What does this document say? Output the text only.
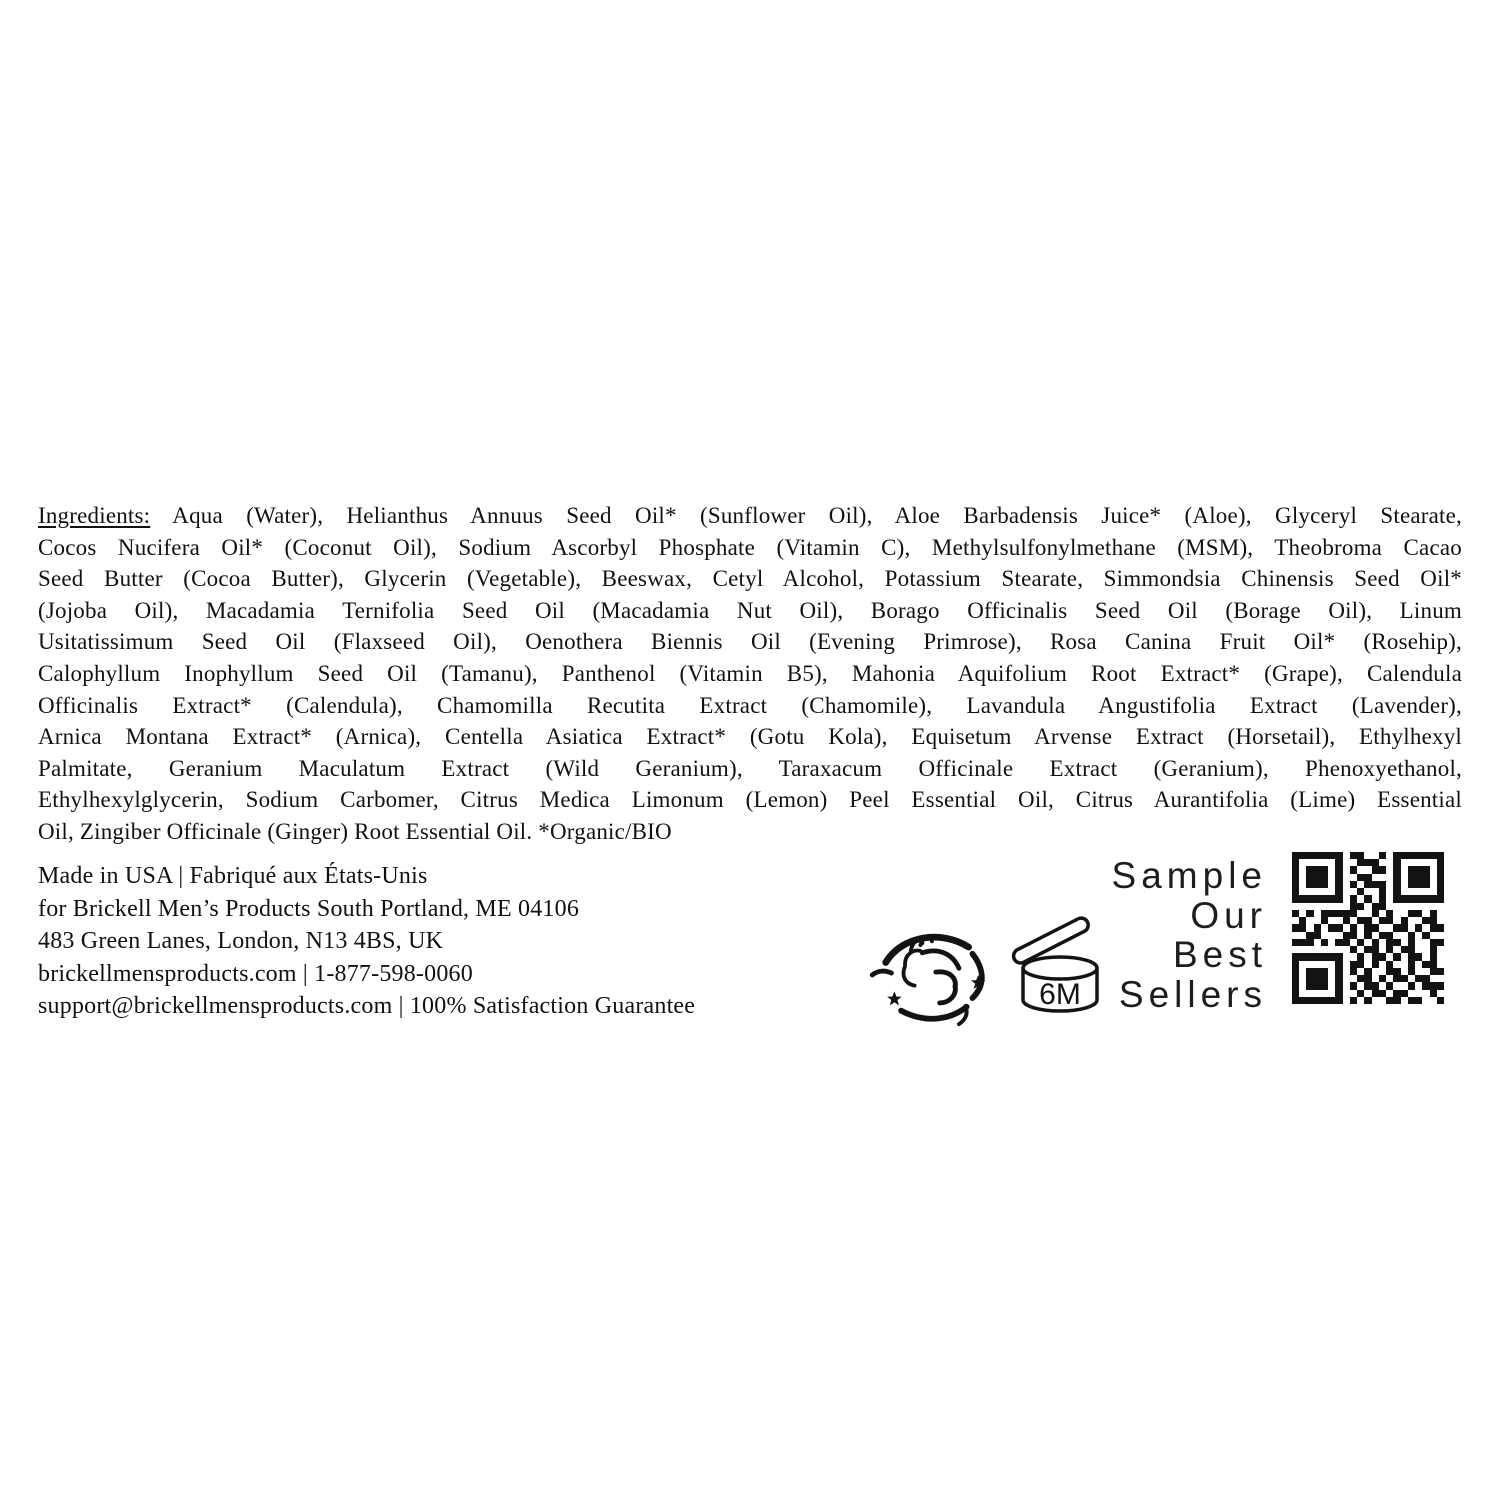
Ingredients: Aqua (Water), Helianthus Annuus Seed Oil* (Sunflower Oil), Aloe Barbadensis Juice* (Aloe), Glyceryl Stearate,
Cocos Nucifera Oil* (Coconut Oil), Sodium Ascorbyl Phosphate (Vitamin C), Methylsulfonylmethane (MSM), Theobroma Cacao
Seed Butter (Cocoa Butter), Glycerin (Vegetable), Beeswax, Cetyl Alcohol, Potassium Stearate, Simmondsia Chinensis Seed Oil*
(Jojoba Oil), Macadamia Ternifolia Seed Oil (Macadamia Nut Oil), Borago Officinalis Seed Oil (Borage Oil), Linum
Usitatissimum Seed Oil (Flaxseed Oil), Oenothera Biennis Oil (Evening Primrose), Rosa Canina Fruit Oil* (Rosehip),
Calophyllum Inophyllum Seed Oil (Tamanu), Panthenol (Vitamin B5), Mahonia Aquifolium Root Extract* (Grape), Calendula
Officinalis Extract* (Calendula), Chamomilla Recutita Extract (Chamomile), Lavandula Angustifolia Extract (Lavender),
Arnica Montana Extract* (Arnica), Centella Asiatica Extract* (Gotu Kola), Equisetum Arvense Extract (Horsetail), Ethylhexyl
Palmitate, Geranium Maculatum Extract (Wild Geranium), Taraxacum Officinale Extract (Geranium), Phenoxyethanol,
Ethylhexylglycerin, Sodium Carbomer, Citrus Medica Limonum (Lemon) Peel Essential Oil, Citrus Aurantifolia (Lime) Essential
Oil, Zingiber Officinale (Ginger) Root Essential Oil. *Organic/BIO
Made in USA | Fabriqué aux États-Unis
for Brickell Men’s Products South Portland, ME 04106
483 Green Lanes, London, N13 4BS, UK
brickellmensproducts.com | 1-877-598-0060
support@brickellmensproducts.com | 100% Satisfaction Guarantee	6M
Sample
Our
Best
Sellers
